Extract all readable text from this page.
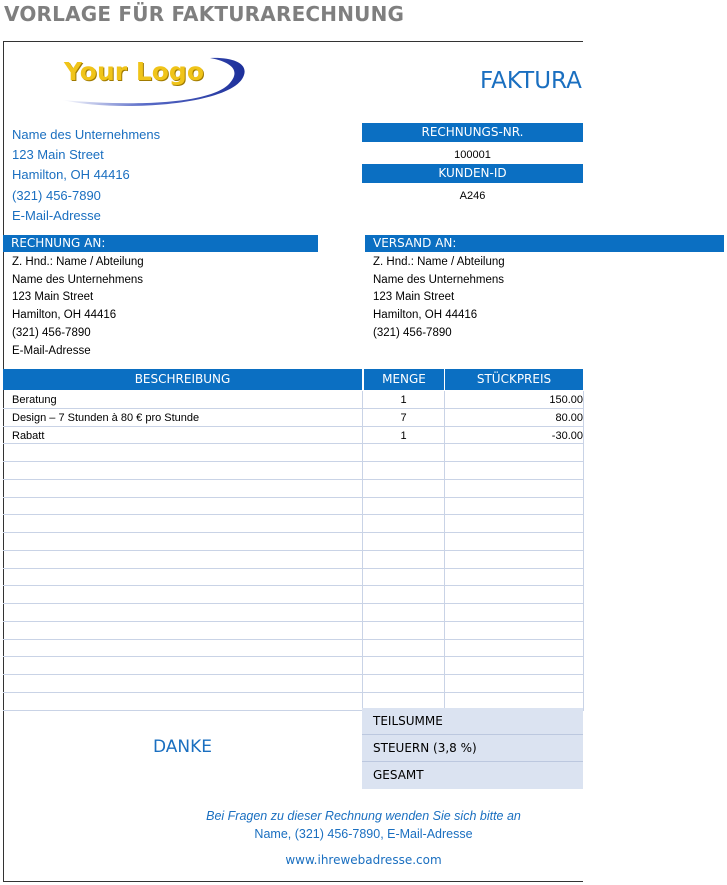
VORLAGE FÜR FAKTURARECHNUNG
Your Logo	FAKTURA
Name des Unternehmens
123 Main Street
Hamilton, OH 44416
(321) 456-7890
E-Mail-Adresse
RECHNUNGS-NR.
100001
KUNDEN-ID
A246
RECHNUNG AN:	VERSAND AN:
Z. Hnd.: Name / Abteilung
Name des Unternehmens
123 Main Street
Hamilton, OH 44416
(321) 456-7890
E-Mail-Adresse
Z. Hnd.: Name / Abteilung
Name des Unternehmens
123 Main Street
Hamilton, OH 44416
(321) 456-7890
BESCHREIBUNG	MENGE	STÜCKPREIS
Beratung	1	150.00
Design – 7 Stunden à 80 € pro Stunde	7	80.00
Rabatt	1	-30.00
TEILSUMME
STEUERN (3,8 %)
GESAMT
DANKE
Bei Fragen zu dieser Rechnung wenden Sie sich bitte an
Name, (321) 456-7890, E-Mail-Adresse
www.ihrewebadresse.com
